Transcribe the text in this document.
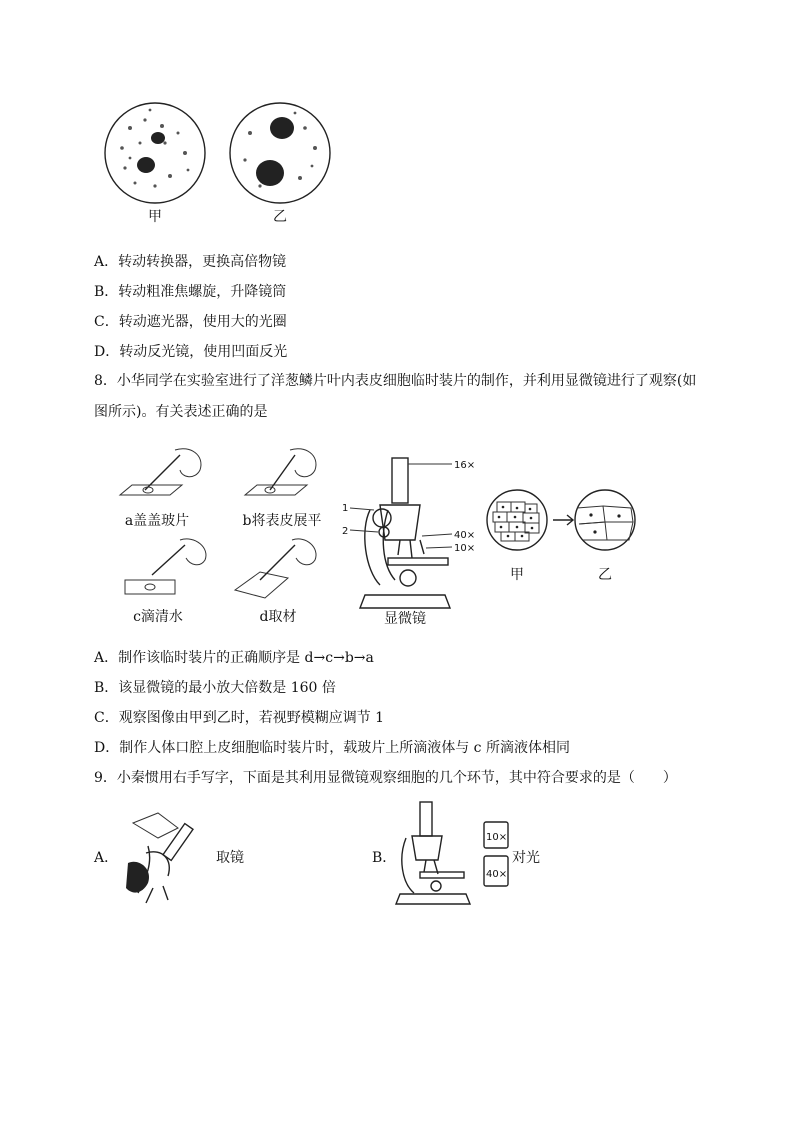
甲	乙
A．转动转换器，更换高倍物镜
B．转动粗准焦螺旋，升降镜筒
C．转动遮光器，使用大的光圈
D．转动反光镜，使用凹面反光
8．小华同学在实验室进行了洋葱鳞片叶内表皮细胞临时装片的制作，并利用显微镜进行了观察(如
图所示)。有关表述正确的是
a盖盖玻片	b将表皮展平
c滴清水	d取材
16×
1
2	40×
10×
显微镜
甲	乙
A．制作该临时装片的正确顺序是 d→c→b→a
B．该显微镜的最小放大倍数是 160 倍
C．观察图像由甲到乙时，若视野模糊应调节 1
D．制作人体口腔上皮细胞临时装片时，载玻片上所滴液体与 c 所滴液体相同
9．小秦惯用右手写字，下面是其利用显微镜观察细胞的几个环节，其中符合要求的是（　　）
A．	取镜	B．
10×
40×
对光
